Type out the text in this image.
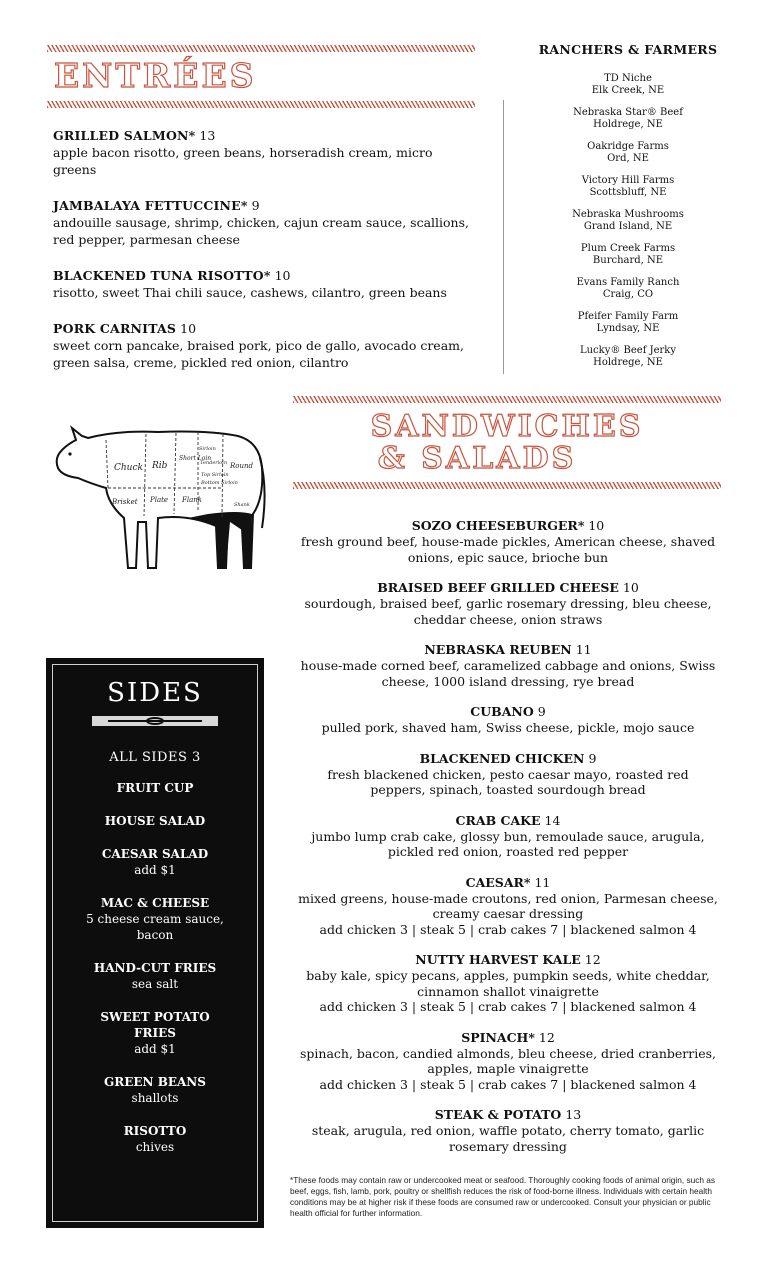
ENTRÉES
GRILLED SALMON* 13
apple bacon risotto, green beans, horseradish cream, micro greens
JAMBALAYA FETTUCCINE* 9
andouille sausage, shrimp, chicken, cajun cream sauce, scallions, red pepper, parmesan cheese
BLACKENED TUNA RISOTTO* 10
risotto, sweet Thai chili sauce, cashews, cilantro, green beans
PORK CARNITAS 10
sweet corn pancake, braised pork, pico de gallo, avocado cream, green salsa, creme, pickled red onion, cilantro
RANCHERS & FARMERS
TD Niche
Elk Creek, NE
Nebraska Star® Beef
Holdrege, NE
Oakridge Farms
Ord, NE
Victory Hill Farms
Scottsbluff, NE
Nebraska Mushrooms
Grand Island, NE
Plum Creek Farms
Burchard, NE
Evans Family Ranch
Craig, CO
Pfeifer Family Farm
Lyndsay, NE
Lucky® Beef Jerky
Holdrege, NE
Chuck Rib
Short Loin
Sirloin
Tenderloin
Top Sirloin
Bottom Sirloin
Round
Brisket Plate Flank
Shank
SANDWICHES
& SALADS
SOZO CHEESEBURGER* 10
fresh ground beef, house-made pickles, American cheese, shaved onions, epic sauce, brioche bun
BRAISED BEEF GRILLED CHEESE 10
sourdough, braised beef, garlic rosemary dressing, bleu cheese, cheddar cheese, onion straws
NEBRASKA REUBEN 11
house-made corned beef, caramelized cabbage and onions, Swiss cheese, 1000 island dressing, rye bread
CUBANO 9
pulled pork, shaved ham, Swiss cheese, pickle, mojo sauce
BLACKENED CHICKEN 9
fresh blackened chicken, pesto caesar mayo, roasted red peppers, spinach, toasted sourdough bread
CRAB CAKE 14
jumbo lump crab cake, glossy bun, remoulade sauce, arugula, pickled red onion, roasted red pepper
CAESAR* 11
mixed greens, house-made croutons, red onion, Parmesan cheese, creamy caesar dressing
add chicken 3 | steak 5 | crab cakes 7 | blackened salmon 4
NUTTY HARVEST KALE 12
baby kale, spicy pecans, apples, pumpkin seeds, white cheddar, cinnamon shallot vinaigrette
add chicken 3 | steak 5 | crab cakes 7 | blackened salmon 4
SPINACH* 12
spinach, bacon, candied almonds, bleu cheese, dried cranberries, apples, maple vinaigrette
add chicken 3 | steak 5 | crab cakes 7 | blackened salmon 4
STEAK & POTATO 13
steak, arugula, red onion, waffle potato, cherry tomato, garlic rosemary dressing
SIDES
ALL SIDES 3
FRUIT CUP
HOUSE SALAD
CAESAR SALAD
add $1
MAC & CHEESE
5 cheese cream sauce, bacon
HAND-CUT FRIES
sea salt
SWEET POTATO FRIES
add $1
GREEN BEANS
shallots
RISOTTO
chives
*These foods may contain raw or undercooked meat or seafood. Thoroughly cooking foods of animal origin, such as beef, eggs, fish, lamb, pork, poultry or shellfish reduces the risk of food-borne illness. Individuals with certain health conditions may be at higher risk if these foods are consumed raw or undercooked. Consult your physician or public health official for further information.
